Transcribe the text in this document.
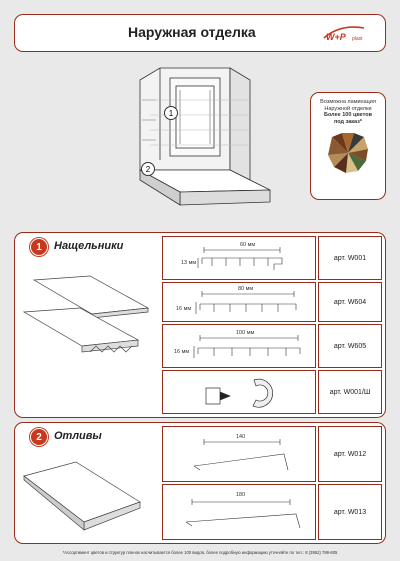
Наружная отделка	W+P plast
1
2
Возможна ламинация
Наружной отделки
Более 100 цветов
под заказ*
1	Нащельники
арт. W001
арт. W604
арт. W605
арт. W001/Ш
60 мм
13 мм
80 мм
16 мм
100 мм
16 мм
2	Отливы
арт. W012
арт. W013
140
180
*Ассортимент цветов и структур пленок насчитывается более 100 видов, более подробную информацию уточняйте по тел.: 8 (3952) 788-605
